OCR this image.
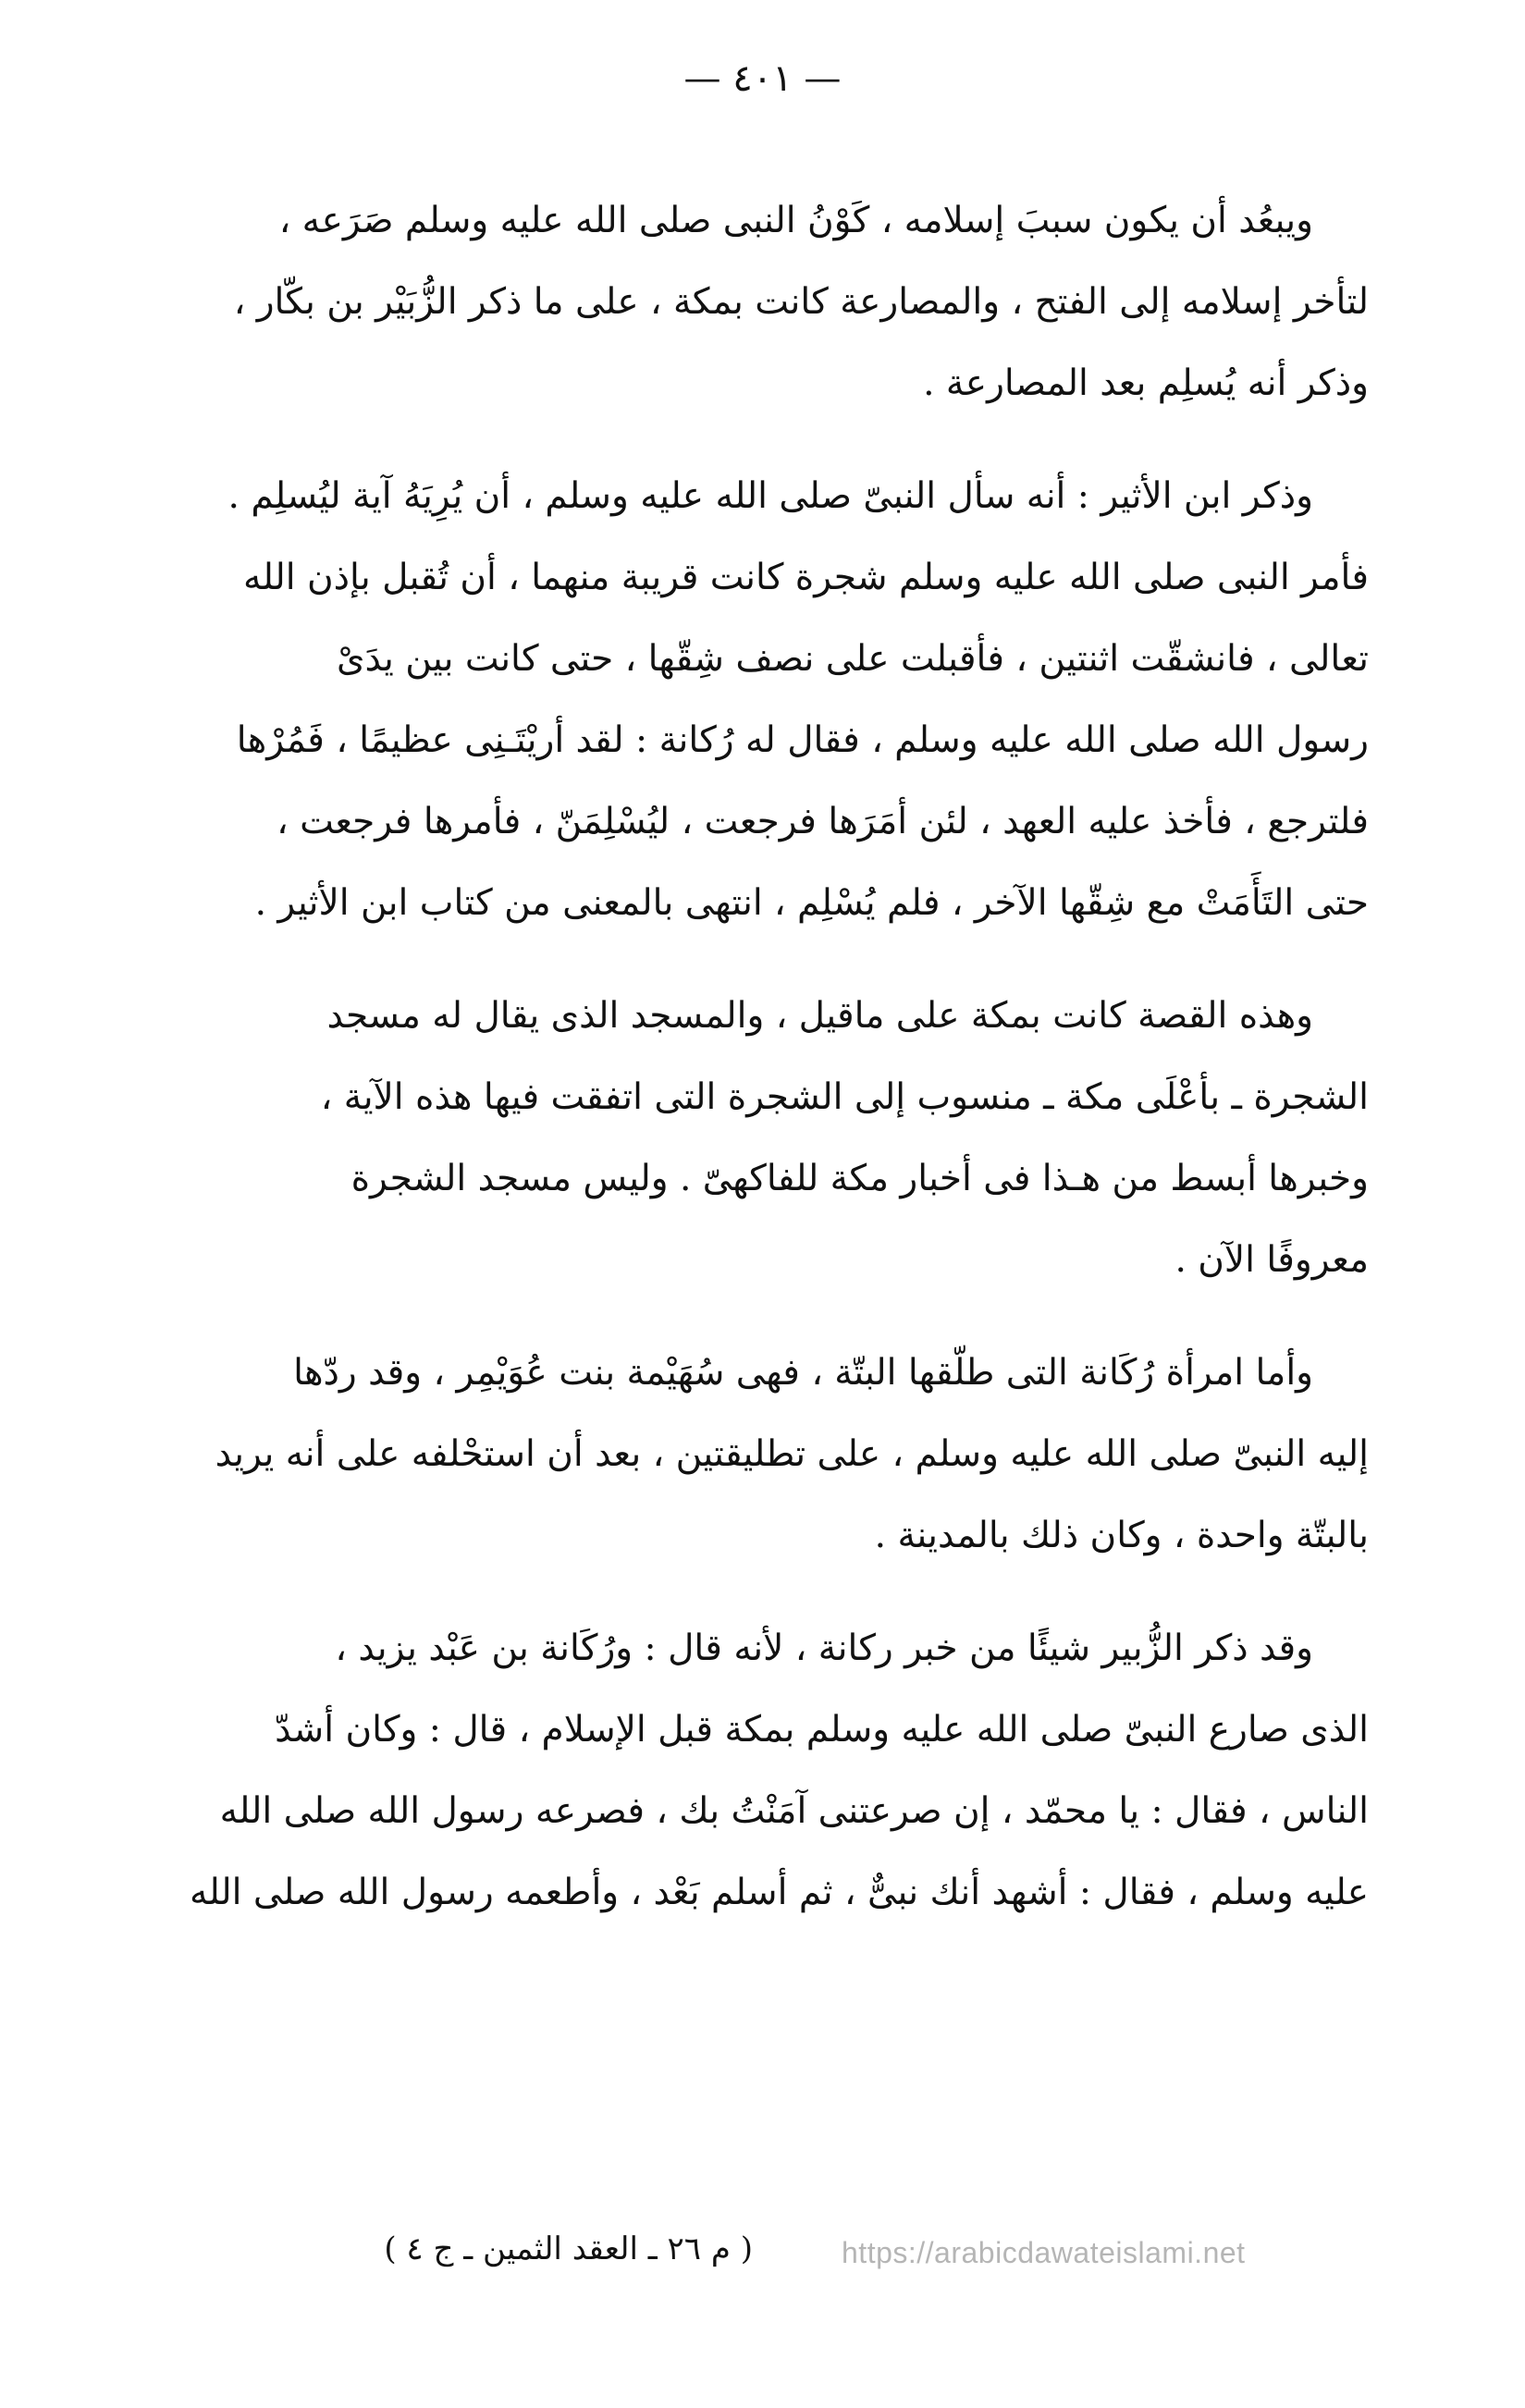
— ٤٠١ —
ويبعُد أن يكون سببَ إسلامه ، كَوْنُ النبى صلى الله عليه وسلم صَرَعه ،
لتأخر إسلامه إلى الفتح ، والمصارعة كانت بمكة ، على ما ذكر الزُّبَيْر بن بكّار ،
وذكر أنه يُسلِم بعد المصارعة .
وذكر ابن الأثير : أنه سأل النبىّ صلى الله عليه وسلم ، أن يُرِيَهُ آية ليُسلِم .
فأمر النبى صلى الله عليه وسلم شجرة كانت قريبة منهما ، أن تُقبل بإذن الله
تعالى ، فانشقّت اثنتين ، فأقبلت على نصف شِقّها ، حتى كانت بين يدَىْ
رسول الله صلى الله عليه وسلم ، فقال له رُكانة : لقد أريْتَـنِى عظيمًا ، فَمُرْها
فلترجع ، فأخذ عليه العهد ، لئن أمَرَها فرجعت ، ليُسْلِمَنّ ، فأمرها فرجعت ،
حتى التَأَمَتْ مع شِقّها الآخر ، فلم يُسْلِم ، انتهى بالمعنى من كتاب ابن الأثير .
وهذه القصة كانت بمكة على ماقيل ، والمسجد الذى يقال له مسجد
الشجرة ـ بأعْلَى مكة ـ منسوب إلى الشجرة التى اتفقت فيها هذه الآية ،
وخبرها أبسط من هـذا فى أخبار مكة للفاكهىّ . وليس مسجد الشجرة
معروفًا الآن .
وأما امرأة رُكَانة التى طلّقها البتّة ، فهى سُهَيْمة بنت عُوَيْمِر ، وقد ردّها
إليه النبىّ صلى الله عليه وسلم ، على تطليقتين ، بعد أن استحْلفه على أنه يريد
بالبتّة واحدة ، وكان ذلك بالمدينة .
وقد ذكر الزُّبير شيئًا من خبر ركانة ، لأنه قال : ورُكَانة بن عَبْد يزيد ،
الذى صارع النبىّ صلى الله عليه وسلم بمكة قبل الإسلام ، قال : وكان أشدّ
الناس ، فقال : يا محمّد ، إن صرعتنى آمَنْتُ بك ، فصرعه رسول الله صلى الله
عليه وسلم ، فقال : أشهد أنك نبىٌّ ، ثم أسلم بَعْد ، وأطعمه رسول الله صلى الله
( م ٢٦ ـ العقد الثمين ـ ج ٤ )	https://arabicdawateislami.net
